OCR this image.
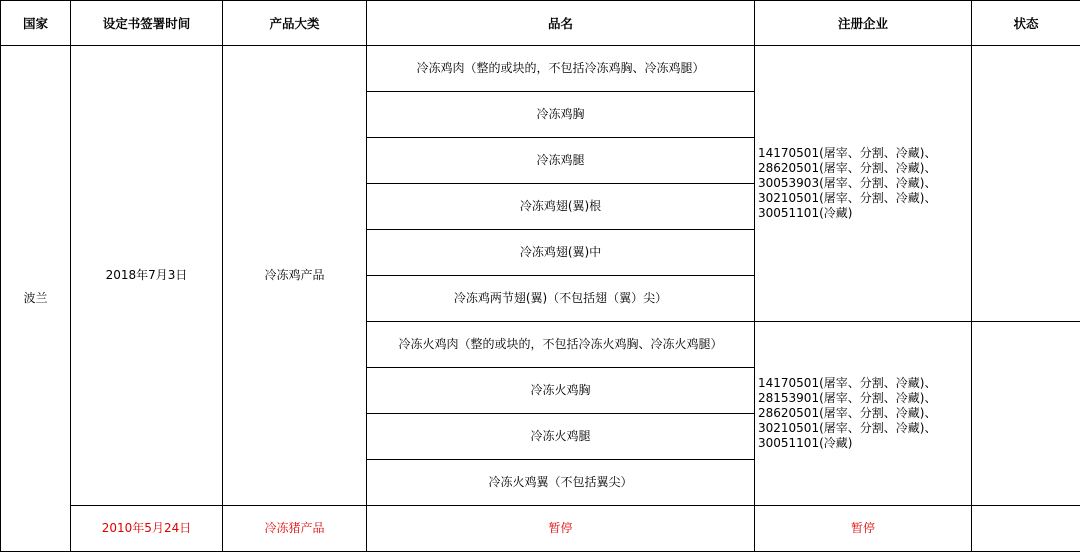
国家	设定书签署时间	产品大类	品名	注册企业	状态
波兰	2018年7月3日	冷冻鸡产品	冷冻鸡肉（整的或块的，不包括冷冻鸡胸、冷冻鸡腿）	14170501(屠宰、分割、冷藏)、
28620501(屠宰、分割、冷藏)、
30053903(屠宰、分割、冷藏)、
30210501(屠宰、分割、冷藏)、
30051101(冷藏)	
			冷冻鸡胸		
			冷冻鸡腿		
			冷冻鸡翅(翼)根		
			冷冻鸡翅(翼)中		
			冷冻鸡两节翅(翼)（不包括翅（翼）尖）		
			冷冻火鸡肉（整的或块的，不包括冷冻火鸡胸、冷冻火鸡腿）	14170501(屠宰、分割、冷藏)、
28153901(屠宰、分割、冷藏)、
28620501(屠宰、分割、冷藏)、
30210501(屠宰、分割、冷藏)、
30051101(冷藏)	
			冷冻火鸡胸		
			冷冻火鸡腿		
			冷冻火鸡翼（不包括翼尖）		
	2010年5月24日	冷冻猪产品	暂停	暂停	
